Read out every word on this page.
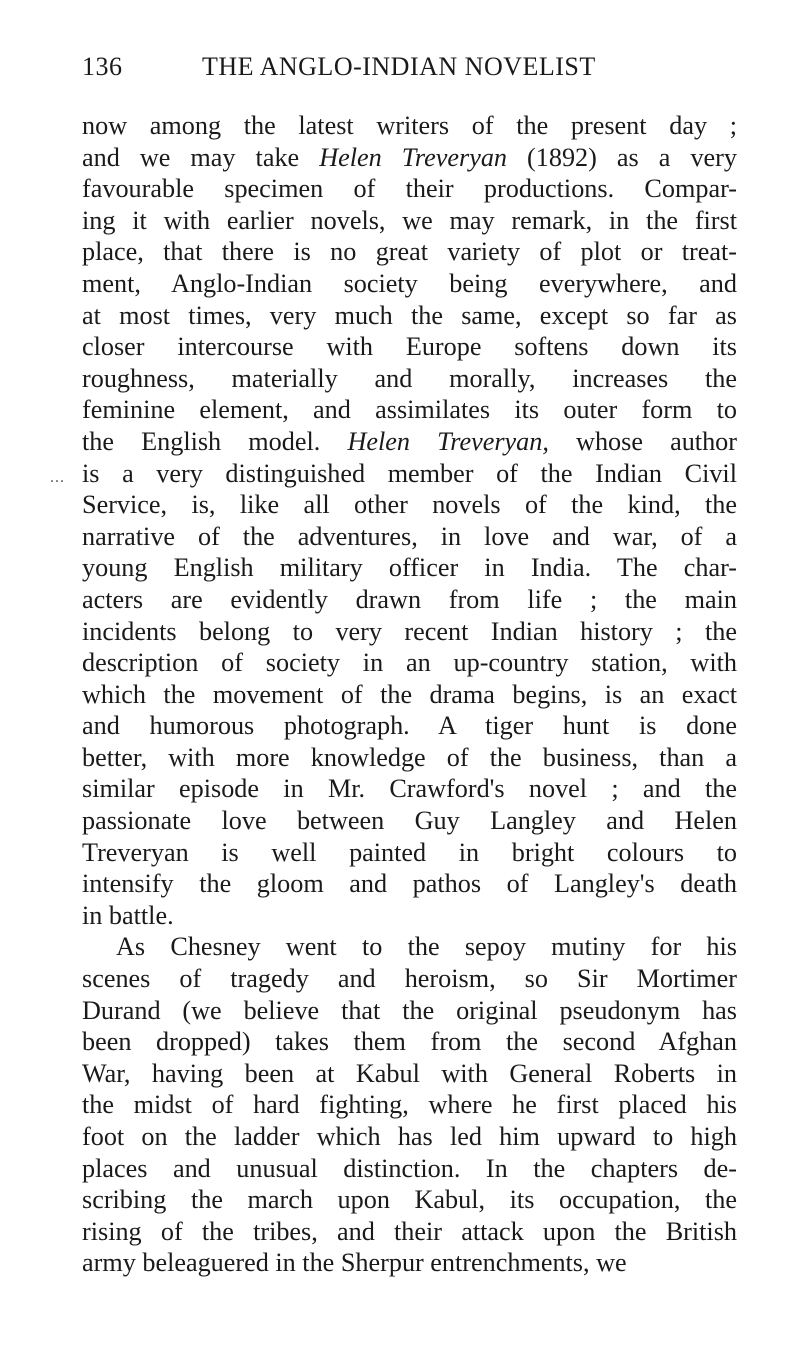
136	THE ANGLO-INDIAN NOVELIST
...
now among the latest writers of the present day ;
and we may take Helen Treveryan (1892) as a very
favourable specimen of their productions. Compar-
ing it with earlier novels, we may remark, in the first
place, that there is no great variety of plot or treat-
ment, Anglo-Indian society being everywhere, and
at most times, very much the same, except so far as
closer intercourse with Europe softens down its
roughness, materially and morally, increases the
feminine element, and assimilates its outer form to
the English model. Helen Treveryan, whose author
is a very distinguished member of the Indian Civil
Service, is, like all other novels of the kind, the
narrative of the adventures, in love and war, of a
young English military officer in India. The char-
acters are evidently drawn from life ; the main
incidents belong to very recent Indian history ; the
description of society in an up-country station, with
which the movement of the drama begins, is an exact
and humorous photograph. A tiger hunt is done
better, with more knowledge of the business, than a
similar episode in Mr. Crawford's novel ; and the
passionate love between Guy Langley and Helen
Treveryan is well painted in bright colours to
intensify the gloom and pathos of Langley's death
in battle.
As Chesney went to the sepoy mutiny for his
scenes of tragedy and heroism, so Sir Mortimer
Durand (we believe that the original pseudonym has
been dropped) takes them from the second Afghan
War, having been at Kabul with General Roberts in
the midst of hard fighting, where he first placed his
foot on the ladder which has led him upward to high
places and unusual distinction. In the chapters de-
scribing the march upon Kabul, its occupation, the
rising of the tribes, and their attack upon the British
army beleaguered in the Sherpur entrenchments, we
